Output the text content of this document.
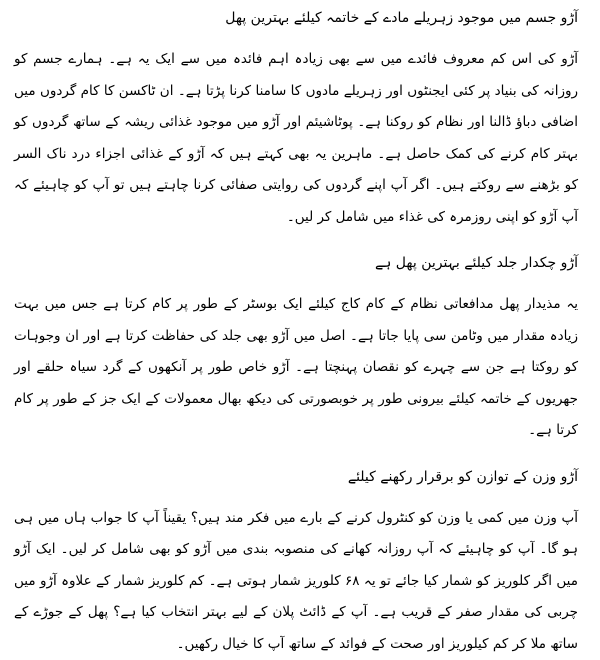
آڑو جسم میں موجود زہریلے مادے کے خاتمہ کیلئے بہترین پھل

آڑو کی اس کم معروف فائدے میں سے بھی زیادہ اہم فائدہ میں سے ایک یہ ہے۔ ہمارے جسم کو روزانہ کی بنیاد پر کئی ایجنٹوں اور زہریلے مادوں کا سامنا کرنا پڑتا ہے۔ ان ٹاکسن کا کام گردوں میں اضافی دباؤ ڈالنا اور نظام کو روکنا ہے۔ پوٹاشیئم اور آڑو میں موجود غذائی ریشہ کے ساتھ گردوں کو بہتر کام کرنے کی کمک حاصل ہے۔ ماہرین یہ بھی کہتے ہیں کہ آڑو کے غذائی اجزاء درد ناک السر کو بڑھنے سے روکتے ہیں۔ اگر آپ اپنے گردوں کی روایتی صفائی کرنا چاہتے ہیں تو آپ کو چاہیئے کہ آپ آڑو کو اپنی روزمرہ کی غذاء میں شامل کر لیں۔

آڑو چکدار جلد کیلئے بہترین پھل ہے

یہ مذیدار پھل مدافعاتی نظام کے کام کاج کیلئے ایک بوسٹر کے طور پر کام کرتا ہے جس میں بہت زیادہ مقدار میں وٹامن سی پایا جاتا ہے۔ اصل میں آڑو بھی جلد کی حفاظت کرتا ہے اور ان وجوہات کو روکتا ہے جن سے چہرے کو نقصان پہنچتا ہے۔ آڑو خاص طور پر آنکھوں کے گرد سیاہ حلقے اور جھریوں کے خاتمہ کیلئے بیرونی طور پر خوبصورتی کی دیکھ بھال معمولات کے ایک جز کے طور پر کام کرتا ہے۔

آڑو وزن کے توازن کو برقرار رکھنے کیلئے

آپ وزن میں کمی یا وزن کو کنٹرول کرنے کے بارے میں فکر مند ہیں؟ یقیناً آپ کا جواب ہاں میں ہی ہو گا۔ آپ کو چاہیئے کہ آپ روزانہ کھانے کی منصوبہ بندی میں آڑو کو بھی شامل کر لیں۔ ایک آڑو میں اگر کلوریز کو شمار کیا جائے تو یہ ۶۸ کلوریز شمار ہوتی ہے۔ کم کلوریز شمار کے علاوہ آڑو میں چربی کی مقدار صفر کے قریب ہے۔ آپ کے ڈائٹ پلان کے لیے بہتر انتخاب کیا ہے؟ پھل کے جوڑے کے ساتھ ملا کر کم کیلوریز اور صحت کے فوائد کے ساتھ آپ کا خیال رکھیں۔
